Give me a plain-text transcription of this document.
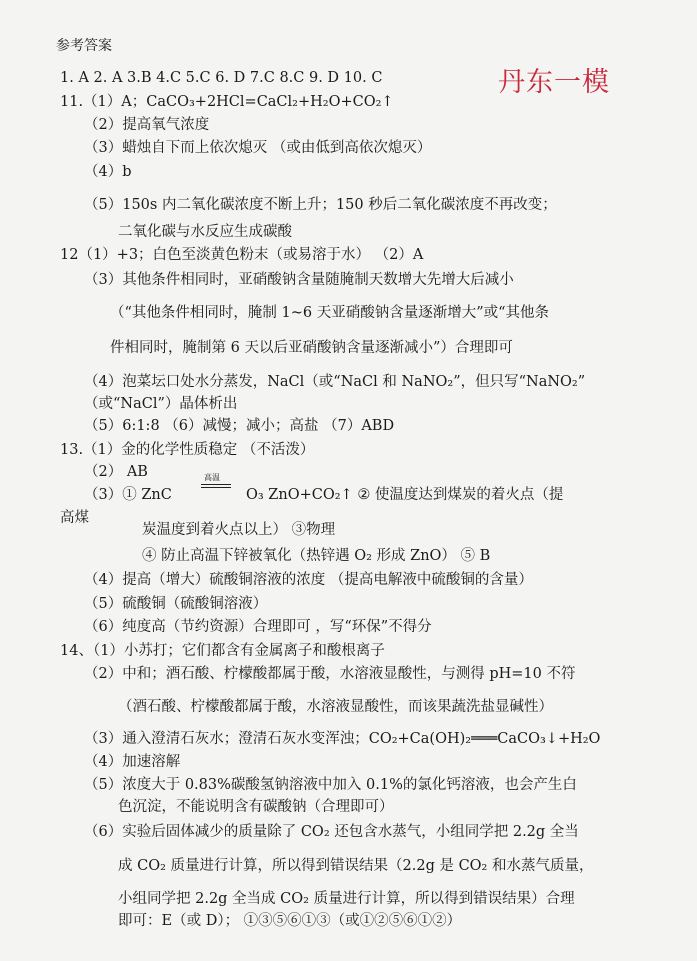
参考答案
丹东一模
1. A 2. A 3.B 4.C 5.C 6. D 7.C 8.C 9. D 10. C
11.（1）A；CaCO₃+2HCl=CaCl₂+H₂O+CO₂↑
（2）提高氧气浓度
（3）蜡烛自下而上依次熄灭 （或由低到高依次熄灭）
（4）b
（5）150s 内二氧化碳浓度不断上升；150 秒后二氧化碳浓度不再改变；
二氧化碳与水反应生成碳酸
12（1）+3；白色至淡黄色粉末（或易溶于水） （2）A
（3）其他条件相同时，亚硝酸钠含量随腌制天数增大先增大后减小
（“其他条件相同时，腌制 1~6 天亚硝酸钠含量逐渐增大”或“其他条
件相同时，腌制第 6 天以后亚硝酸钠含量逐渐减小”）合理即可
（4）泡菜坛口处水分蒸发，NaCl（或“NaCl 和 NaNO₂”，但只写“NaNO₂”
（或“NaCl”）晶体析出
（5）6:1:8 （6）减慢；减小；高盐 （7）ABD
13.（1）金的化学性质稳定 （不活泼）
（2） AB
（3）① ZnC
高温
O₃ ZnO+CO₂↑ ② 使温度达到煤炭的着火点（提
高煤
炭温度到着火点以上） ③物理
④ 防止高温下锌被氧化（热锌遇 O₂ 形成 ZnO） ⑤ B
（4）提高（增大）硫酸铜溶液的浓度 （提高电解液中硫酸铜的含量）
（5）硫酸铜（硫酸铜溶液）
（6）纯度高（节约资源）合理即可 ，写“环保”不得分
14、（1）小苏打；它们都含有金属离子和酸根离子
（2）中和；酒石酸、柠檬酸都属于酸，水溶液显酸性，与测得 pH=10 不符
（酒石酸、柠檬酸都属于酸，水溶液显酸性，而该果蔬洗盐显碱性）
（3）通入澄清石灰水；澄清石灰水变浑浊；CO₂+Ca(OH)₂═══CaCO₃↓+H₂O
（4）加速溶解
（5）浓度大于 0.83%碳酸氢钠溶液中加入 0.1%的氯化钙溶液，也会产生白
色沉淀，不能说明含有碳酸钠（合理即可）
（6）实验后固体减少的质量除了 CO₂ 还包含水蒸气，小组同学把 2.2g 全当
成 CO₂ 质量进行计算，所以得到错误结果（2.2g 是 CO₂ 和水蒸气质量，
小组同学把 2.2g 全当成 CO₂ 质量进行计算，所以得到错误结果）合理
即可：E（或 D）； ①③⑤⑥①③（或①②⑤⑥①②）
